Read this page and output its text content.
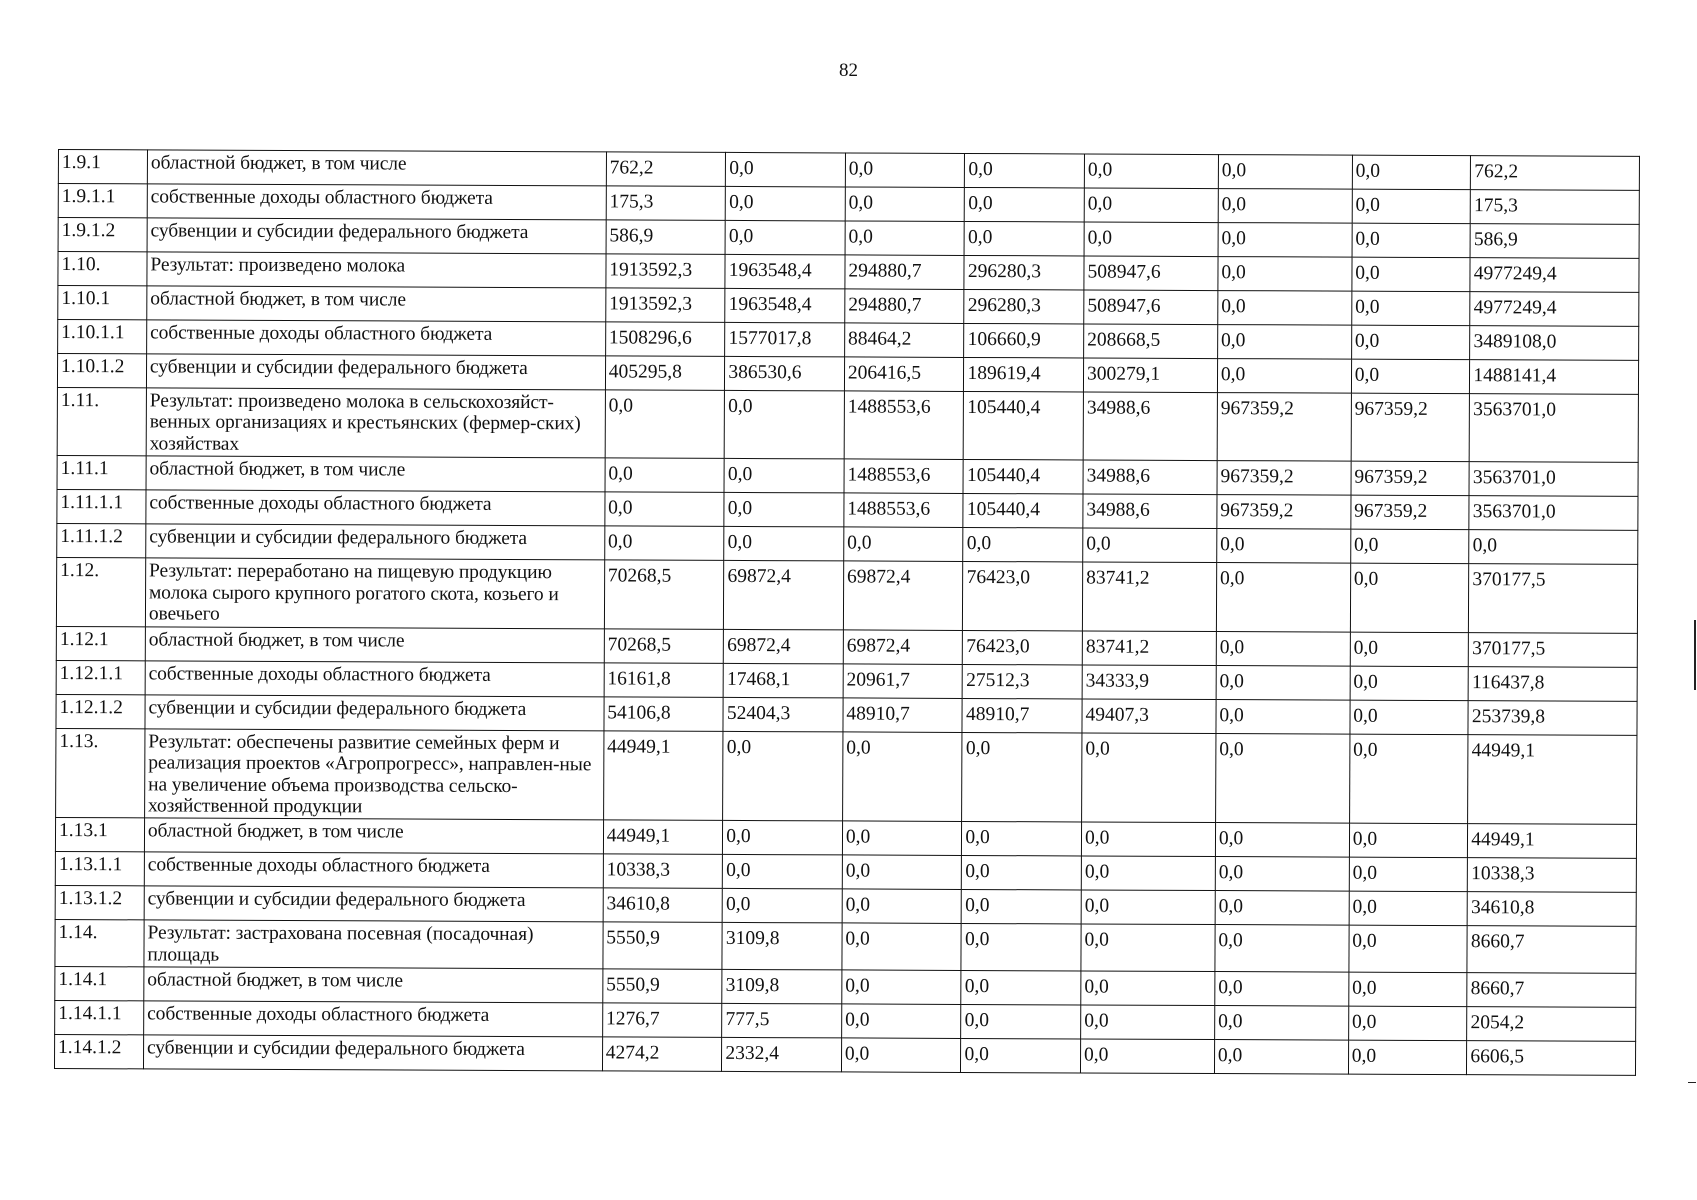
82
1.9.1	областной бюджет, в том числе	762,2	0,0	0,0	0,0	0,0	0,0	0,0	762,2
1.9.1.1	собственные доходы областного бюджета	175,3	0,0	0,0	0,0	0,0	0,0	0,0	175,3
1.9.1.2	субвенции и субсидии федерального бюджета	586,9	0,0	0,0	0,0	0,0	0,0	0,0	586,9
1.10.	Результат: произведено молока	1913592,3	1963548,4	294880,7	296280,3	508947,6	0,0	0,0	4977249,4
1.10.1	областной бюджет, в том числе	1913592,3	1963548,4	294880,7	296280,3	508947,6	0,0	0,0	4977249,4
1.10.1.1	собственные доходы областного бюджета	1508296,6	1577017,8	88464,2	106660,9	208668,5	0,0	0,0	3489108,0
1.10.1.2	субвенции и субсидии федерального бюджета	405295,8	386530,6	206416,5	189619,4	300279,1	0,0	0,0	1488141,4
1.11.	Результат: произведено молока в сельскохозяйст-венных организациях и крестьянских (фермер-ских) хозяйствах	0,0	0,0	1488553,6	105440,4	34988,6	967359,2	967359,2	3563701,0
1.11.1	областной бюджет, в том числе	0,0	0,0	1488553,6	105440,4	34988,6	967359,2	967359,2	3563701,0
1.11.1.1	собственные доходы областного бюджета	0,0	0,0	1488553,6	105440,4	34988,6	967359,2	967359,2	3563701,0
1.11.1.2	субвенции и субсидии федерального бюджета	0,0	0,0	0,0	0,0	0,0	0,0	0,0	0,0
1.12.	Результат: переработано на пищевую продукцию молока сырого крупного рогатого скота, козьего и овечьего	70268,5	69872,4	69872,4	76423,0	83741,2	0,0	0,0	370177,5
1.12.1	областной бюджет, в том числе	70268,5	69872,4	69872,4	76423,0	83741,2	0,0	0,0	370177,5
1.12.1.1	собственные доходы областного бюджета	16161,8	17468,1	20961,7	27512,3	34333,9	0,0	0,0	116437,8
1.12.1.2	субвенции и субсидии федерального бюджета	54106,8	52404,3	48910,7	48910,7	49407,3	0,0	0,0	253739,8
1.13.	Результат: обеспечены развитие семейных ферм и реализация проектов «Агропрогресс», направлен-ные на увеличение объема производства сельско-хозяйственной продукции	44949,1	0,0	0,0	0,0	0,0	0,0	0,0	44949,1
1.13.1	областной бюджет, в том числе	44949,1	0,0	0,0	0,0	0,0	0,0	0,0	44949,1
1.13.1.1	собственные доходы областного бюджета	10338,3	0,0	0,0	0,0	0,0	0,0	0,0	10338,3
1.13.1.2	субвенции и субсидии федерального бюджета	34610,8	0,0	0,0	0,0	0,0	0,0	0,0	34610,8
1.14.	Результат: застрахована посевная (посадочная) площадь	5550,9	3109,8	0,0	0,0	0,0	0,0	0,0	8660,7
1.14.1	областной бюджет, в том числе	5550,9	3109,8	0,0	0,0	0,0	0,0	0,0	8660,7
1.14.1.1	собственные доходы областного бюджета	1276,7	777,5	0,0	0,0	0,0	0,0	0,0	2054,2
1.14.1.2	субвенции и субсидии федерального бюджета	4274,2	2332,4	0,0	0,0	0,0	0,0	0,0	6606,5
